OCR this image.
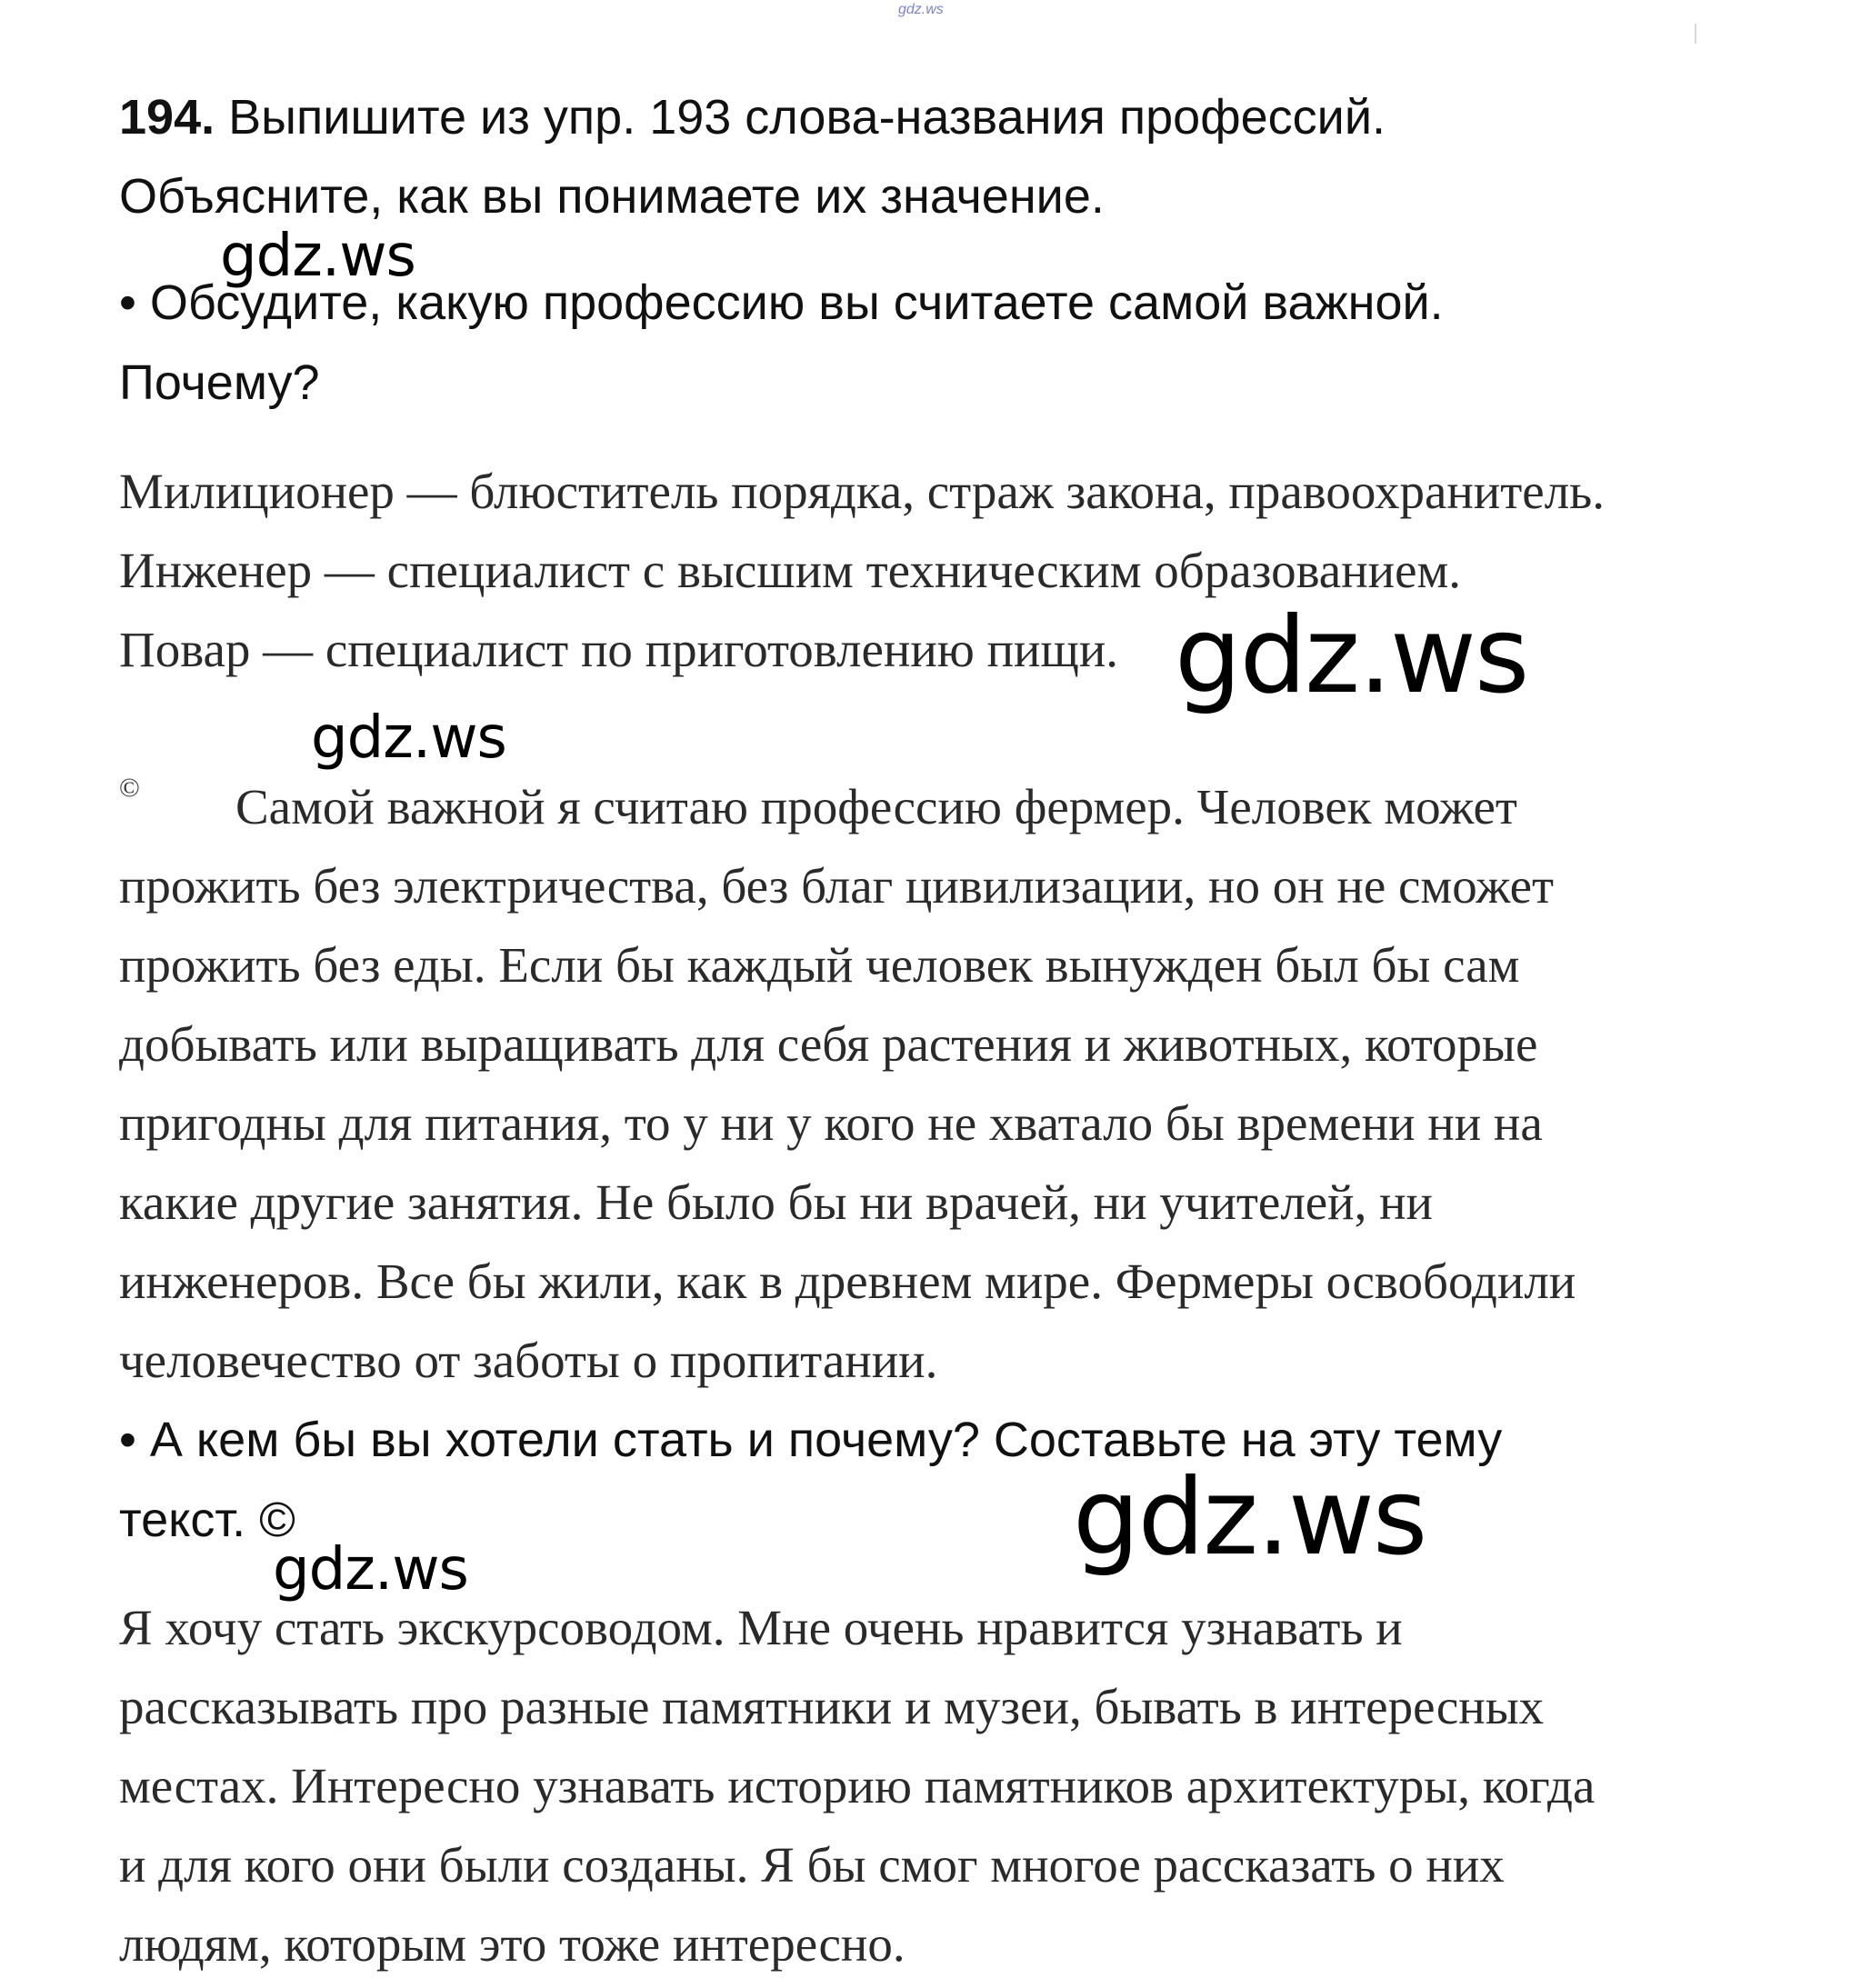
gdz.ws
194. Выпишите из упр. 193 слова-названия профессий.
Объясните, как вы понимаете их значение.
gdz.ws
• Обсудите, какую профессию вы считаете самой важной.
Почему?
Милиционер — блюститель порядка, страж закона, правоохранитель.
Инженер — специалист с высшим техническим образованием.
Повар — специалист по приготовлению пищи. gdz.ws
gdz.ws
© Самой важной я считаю профессию фермер. Человек может
прожить без электричества, без благ цивилизации, но он не сможет
прожить без еды. Если бы каждый человек вынужден был бы сам
добывать или выращивать для себя растения и животных, которые
пригодны для питания, то у ни у кого не хватало бы времени ни на
какие другие занятия. Не было бы ни врачей, ни учителей, ни
инженеров. Все бы жили, как в древнем мире. Фермеры освободили
человечество от заботы о пропитании.
• А кем бы вы хотели стать и почему? Составьте на эту тему
текст. ©	gdz.ws
gdz.ws
Я хочу стать экскурсоводом. Мне очень нравится узнавать и
рассказывать про разные памятники и музеи, бывать в интересных
местах. Интересно узнавать историю памятников архитектуры, когда
и для кого они были созданы. Я бы смог многое рассказать о них
людям, которым это тоже интересно.
